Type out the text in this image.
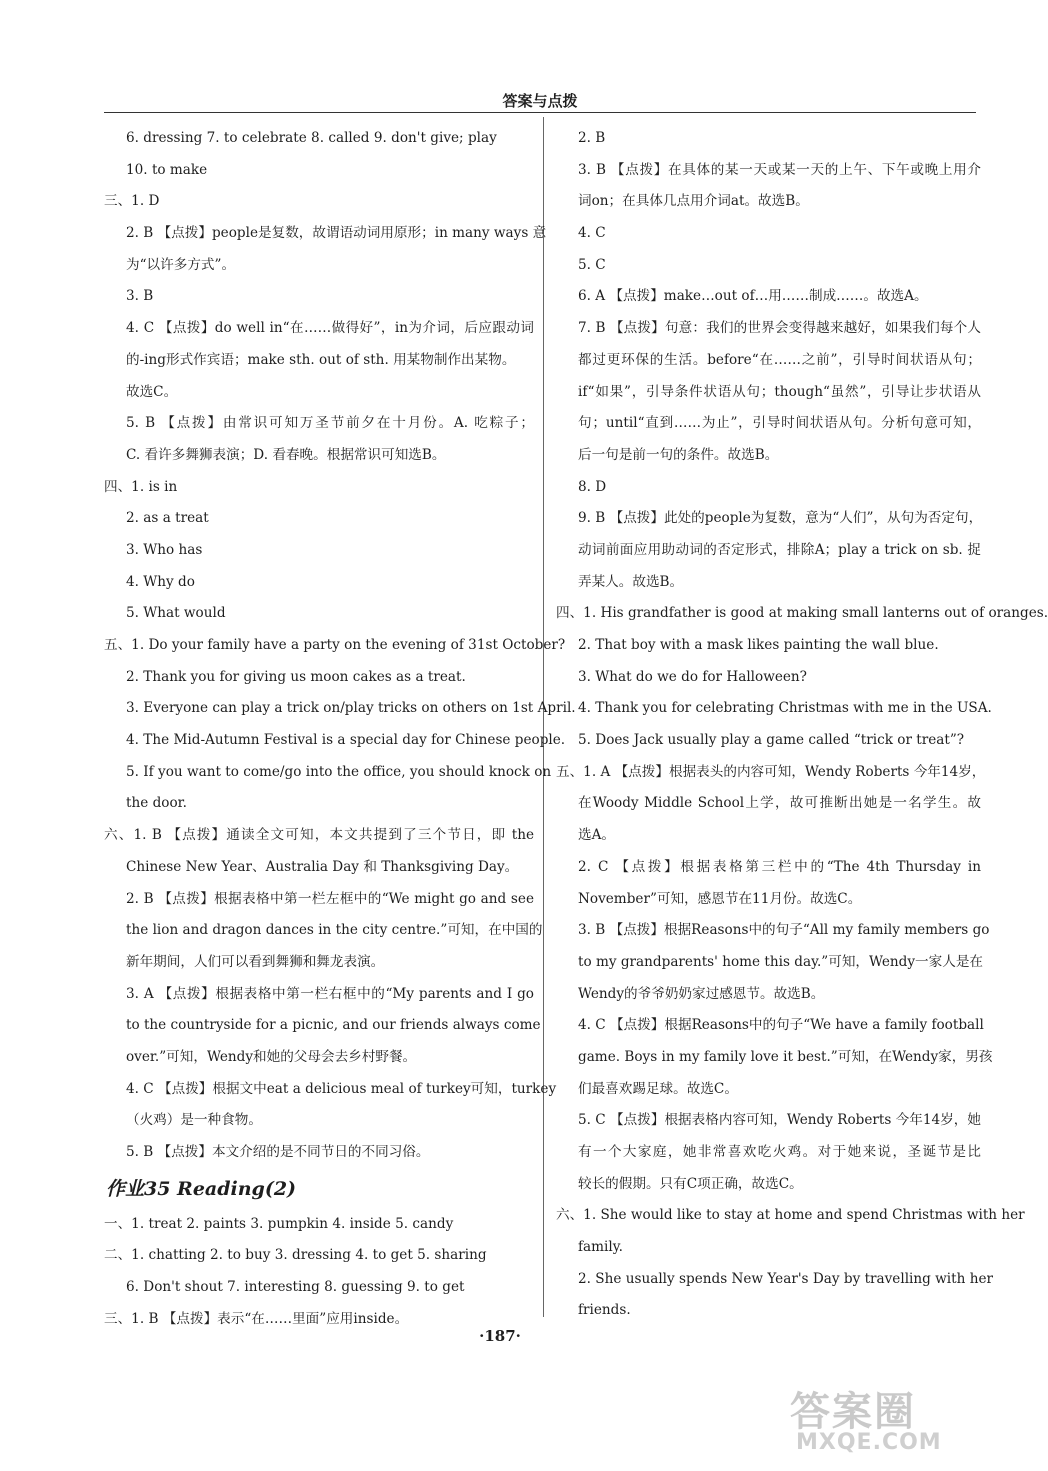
答案与点拨
6. dressing 7. to celebrate 8. called 9. don't give; play
10. to make
三、1. D
2. B 【点拨】people是复数，故谓语动词用原形；in many ways 意
为“以许多方式”。
3. B
4. C 【点拨】do well in“在……做得好”，in为介词，后应跟动词
的-ing形式作宾语；make sth. out of sth. 用某物制作出某物。
故选C。
5. B 【点拨】由常识可知万圣节前夕在十月份。A. 吃粽子；
C. 看许多舞狮表演；D. 看春晚。根据常识可知选B。
四、1. is in
2. as a treat
3. Who has
4. Why do
5. What would
五、1. Do your family have a party on the evening of 31st October?
2. Thank you for giving us moon cakes as a treat.
3. Everyone can play a trick on/play tricks on others on 1st April.
4. The Mid-Autumn Festival is a special day for Chinese people.
5. If you want to come/go into the office, you should knock on
the door.
六、1. B 【点拨】通读全文可知，本文共提到了三个节日，即 the
Chinese New Year、Australia Day 和 Thanksgiving Day。
2. B 【点拨】根据表格中第一栏左框中的“We might go and see
the lion and dragon dances in the city centre.”可知，在中国的
新年期间，人们可以看到舞狮和舞龙表演。
3. A 【点拨】根据表格中第一栏右框中的“My parents and I go
to the countryside for a picnic, and our friends always come
over.”可知，Wendy和她的父母会去乡村野餐。
4. C 【点拨】根据文中eat a delicious meal of turkey可知，turkey
（火鸡）是一种食物。
5. B 【点拨】本文介绍的是不同节日的不同习俗。
作业35 Reading(2)
一、1. treat 2. paints 3. pumpkin 4. inside 5. candy
二、1. chatting 2. to buy 3. dressing 4. to get 5. sharing
6. Don't shout 7. interesting 8. guessing 9. to get
三、1. B 【点拨】表示“在……里面”应用inside。
2. B
3. B 【点拨】在具体的某一天或某一天的上午、下午或晚上用介
词on；在具体几点用介词at。故选B。
4. C
5. C
6. A 【点拨】make…out of…用……制成……。故选A。
7. B 【点拨】句意：我们的世界会变得越来越好，如果我们每个人
都过更环保的生活。before“在……之前”，引导时间状语从句；
if“如果”，引导条件状语从句；though“虽然”，引导让步状语从
句；until“直到……为止”，引导时间状语从句。分析句意可知，
后一句是前一句的条件。故选B。
8. D
9. B 【点拨】此处的people为复数，意为“人们”，从句为否定句，
动词前面应用助动词的否定形式，排除A；play a trick on sb. 捉
弄某人。故选B。
四、1. His grandfather is good at making small lanterns out of oranges.
2. That boy with a mask likes painting the wall blue.
3. What do we do for Halloween?
4. Thank you for celebrating Christmas with me in the USA.
5. Does Jack usually play a game called “trick or treat”?
五、1. A 【点拨】根据表头的内容可知，Wendy Roberts 今年14岁，
在Woody Middle School上学，故可推断出她是一名学生。故
选A。
2. C 【点拨】根据表格第三栏中的“The 4th Thursday in
November”可知，感恩节在11月份。故选C。
3. B 【点拨】根据Reasons中的句子“All my family members go
to my grandparents' home this day.”可知，Wendy一家人是在
Wendy的爷爷奶奶家过感恩节。故选B。
4. C 【点拨】根据Reasons中的句子“We have a family football
game. Boys in my family love it best.”可知，在Wendy家，男孩
们最喜欢踢足球。故选C。
5. C 【点拨】根据表格内容可知，Wendy Roberts 今年14岁，她
有一个大家庭，她非常喜欢吃火鸡。对于她来说，圣诞节是比
较长的假期。只有C项正确，故选C。
六、1. She would like to stay at home and spend Christmas with her
family.
2. She usually spends New Year's Day by travelling with her
friends.
·187·
答案圈
MXQE.COM
